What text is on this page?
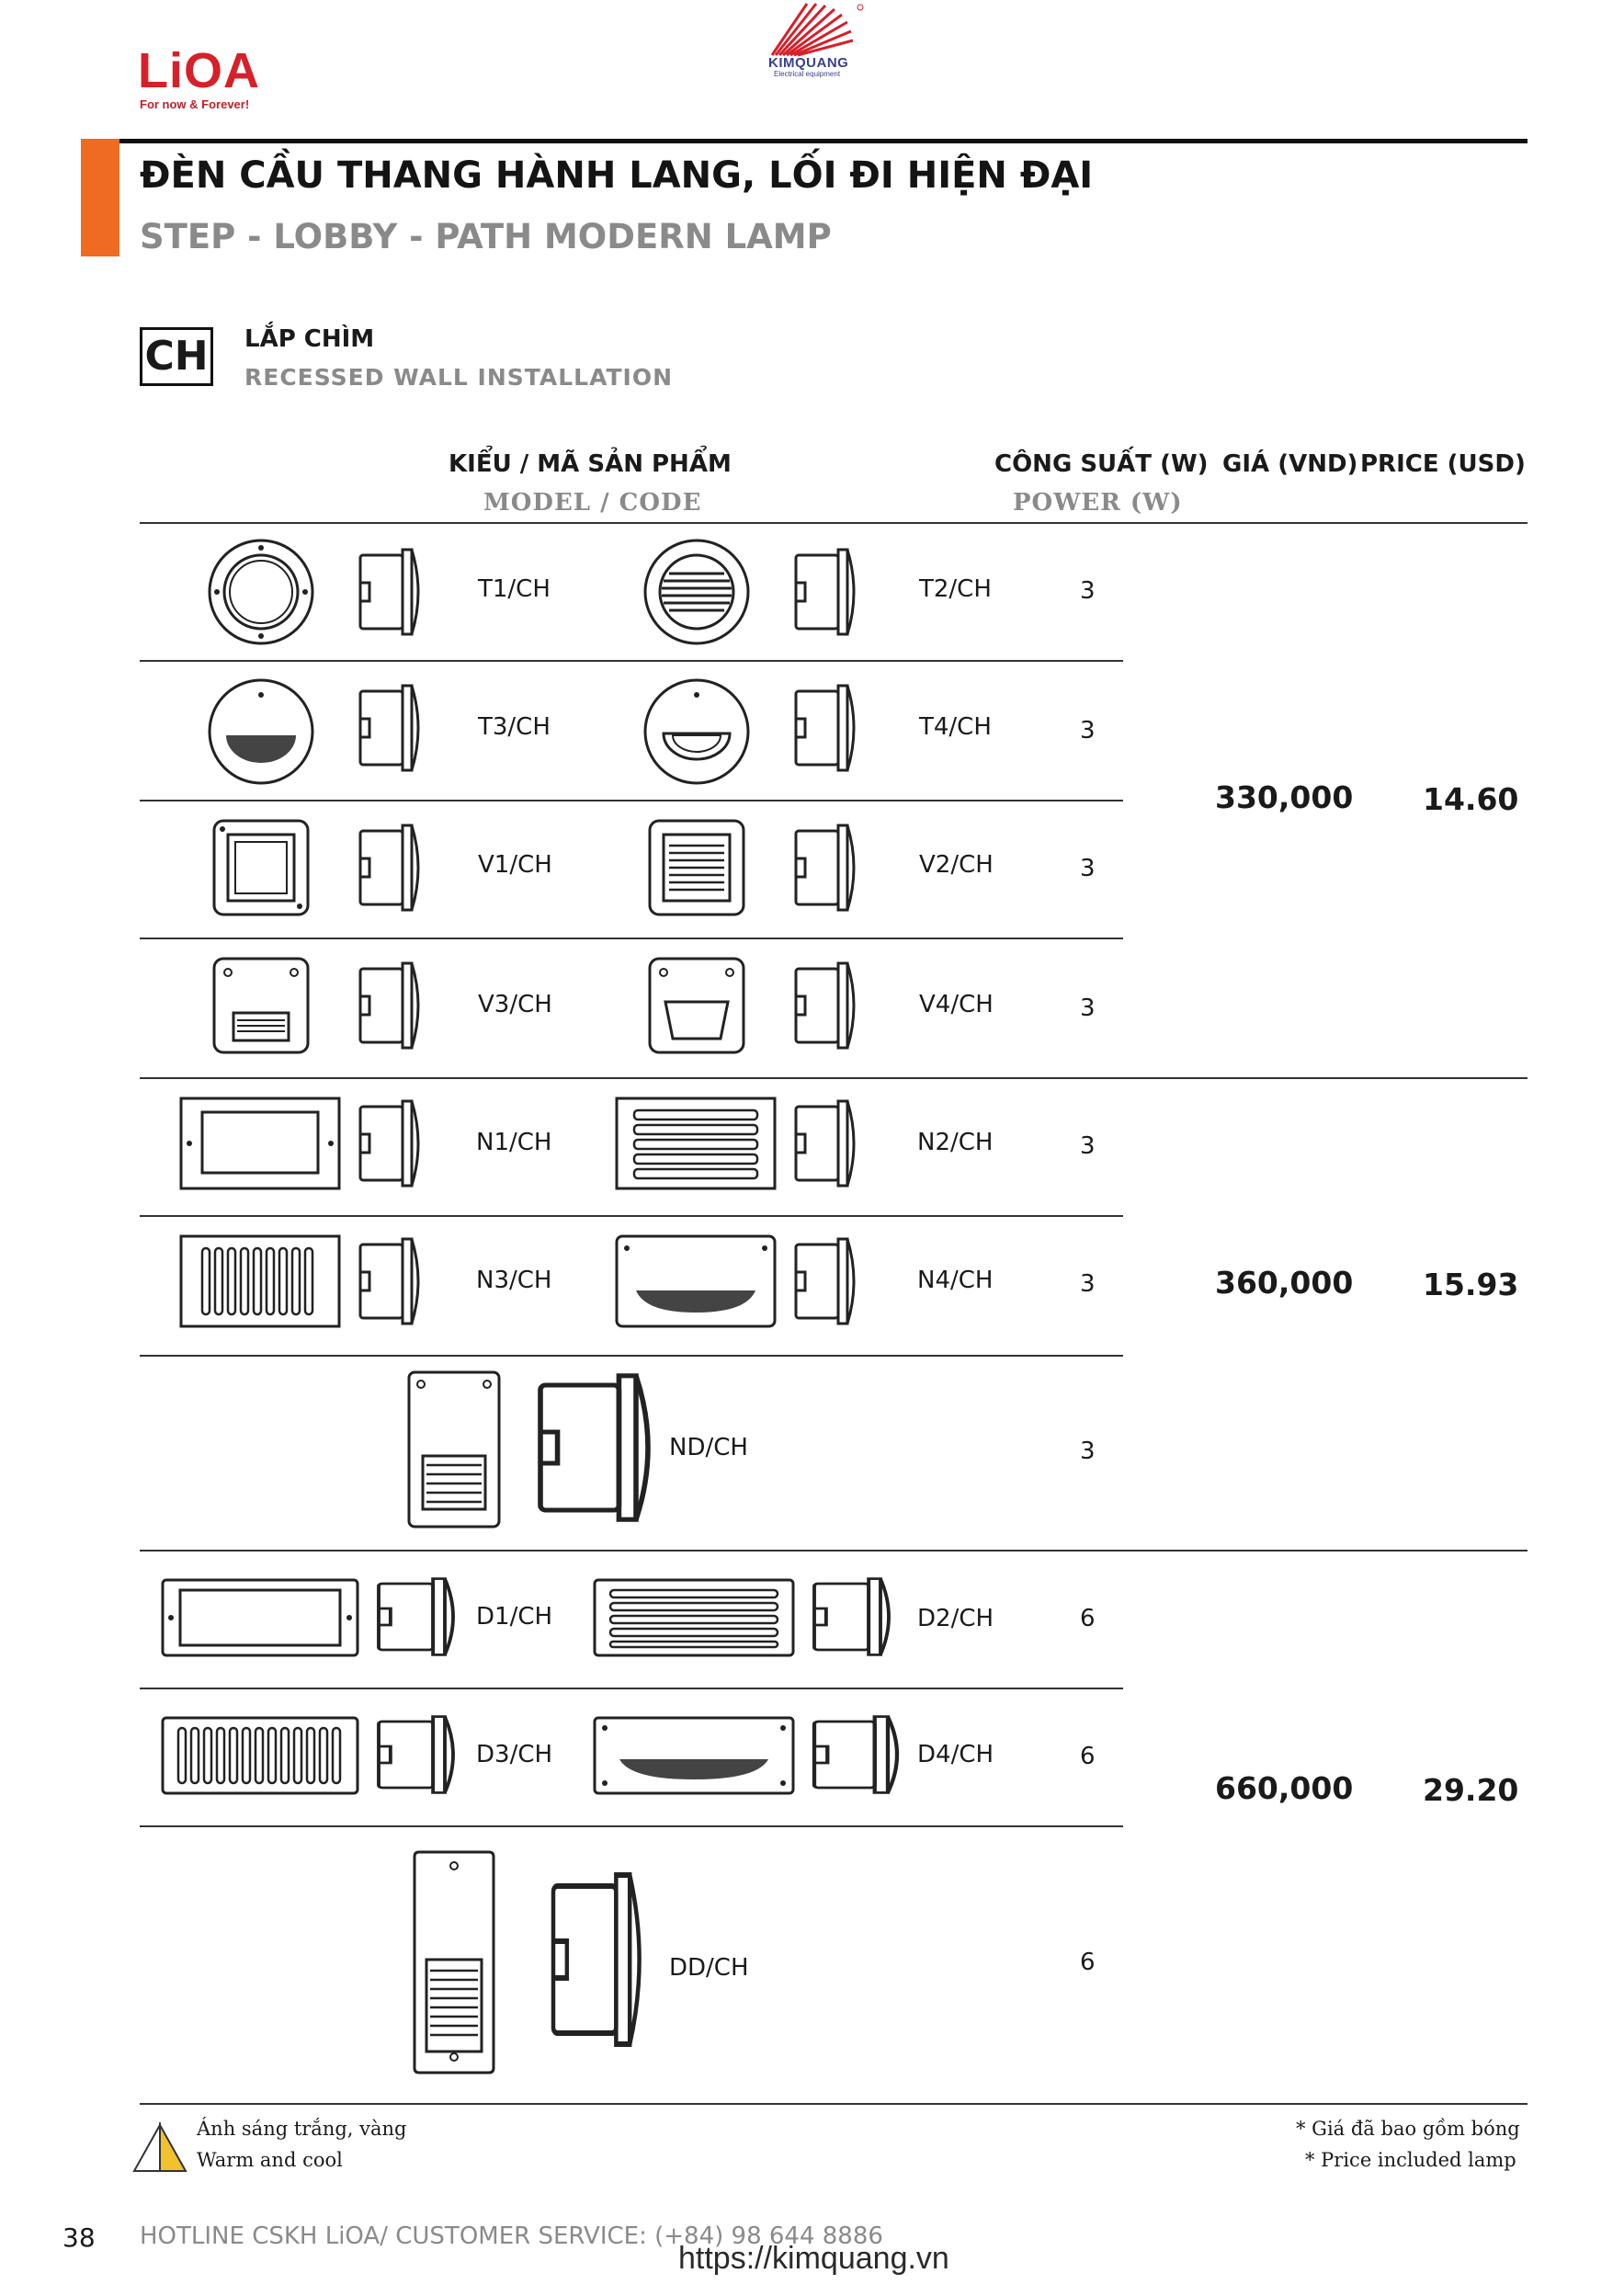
LiOA
For now & Forever!
KIMQUANG
Electrical equipment
ĐÈN CẦU THANG HÀNH LANG, LỐI ĐI HIỆN ĐẠI
STEP - LOBBY - PATH MODERN LAMP
CH LẮP CHÌM
RECESSED WALL INSTALLATION
KIỂU / MÃ SẢN PHẨM
MODEL / CODE
CÔNG SUẤT (W)
POWER (W)
GIÁ (VND) PRICE (USD)
T1/CH	T2/CH	3
T3/CH	T4/CH	3
V1/CH	V2/CH	3
V3/CH	V4/CH	3
330,000 14.60
N1/CH	N2/CH	3
N3/CH	N4/CH	3
ND/CH	3
360,000 15.93
D1/CH	D2/CH	6
D3/CH	D4/CH	6
DD/CH	6
660,000 29.20
Ánh sáng trắng, vàng
Warm and cool
* Giá đã bao gồm bóng
* Price included lamp
38 HOTLINE CSKH LiOA/ CUSTOMER SERVICE: (+84) 98 644 8886
https://kimquang.vn
